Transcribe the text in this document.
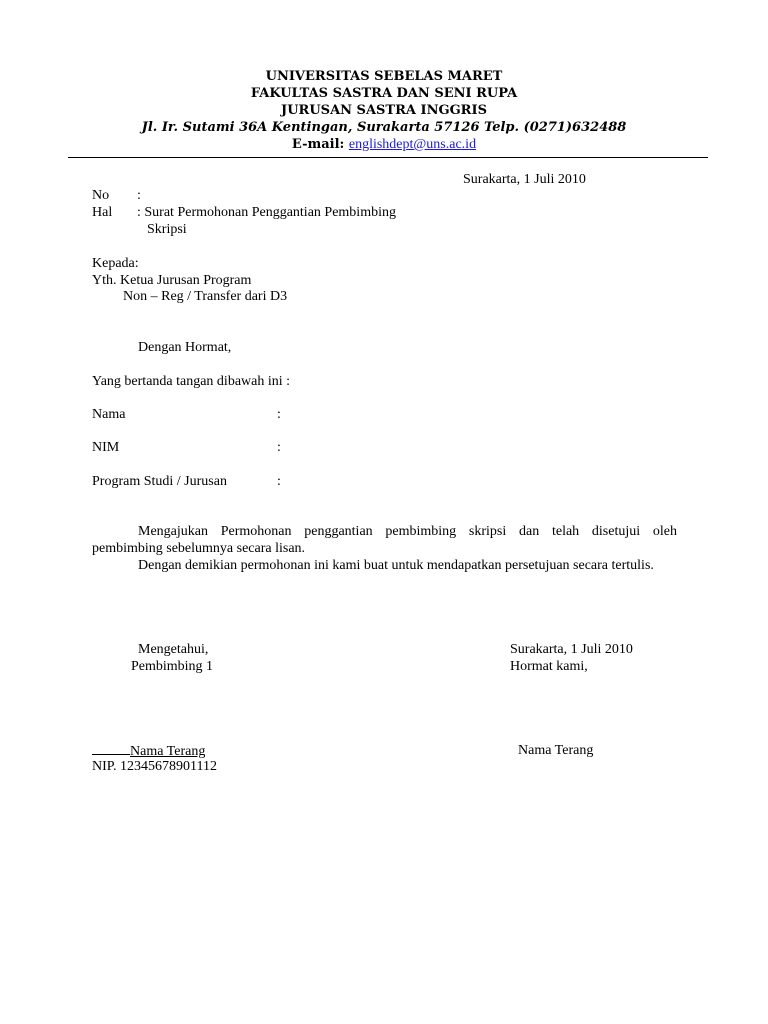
UNIVERSITAS SEBELAS MARET
FAKULTAS SASTRA DAN SENI RUPA
JURUSAN SASTRA INGGRIS
Jl. Ir. Sutami 36A Kentingan, Surakarta 57126 Telp. (0271)632488
E-mail: englishdept@uns.ac.id
Surakarta, 1 Juli 2010
No :
Hal : Surat Permohonan Penggantian Pembimbing
Skripsi
Kepada:
Yth. Ketua Jurusan Program
Non – Reg / Transfer dari D3
Dengan Hormat,
Yang bertanda tangan dibawah ini :
Nama	:
NIM	:
Program Studi / Jurusan	:
Mengajukan Permohonan penggantian pembimbing skripsi dan telah disetujui oleh pembimbing sebelumnya secara lisan.
Dengan demikian permohonan ini kami buat untuk mendapatkan persetujuan secara tertulis.
Mengetahui,
Pembimbing 1
Surakarta, 1 Juli 2010
Hormat kami,
Nama Terang	Nama Terang
NIP. 12345678901112
